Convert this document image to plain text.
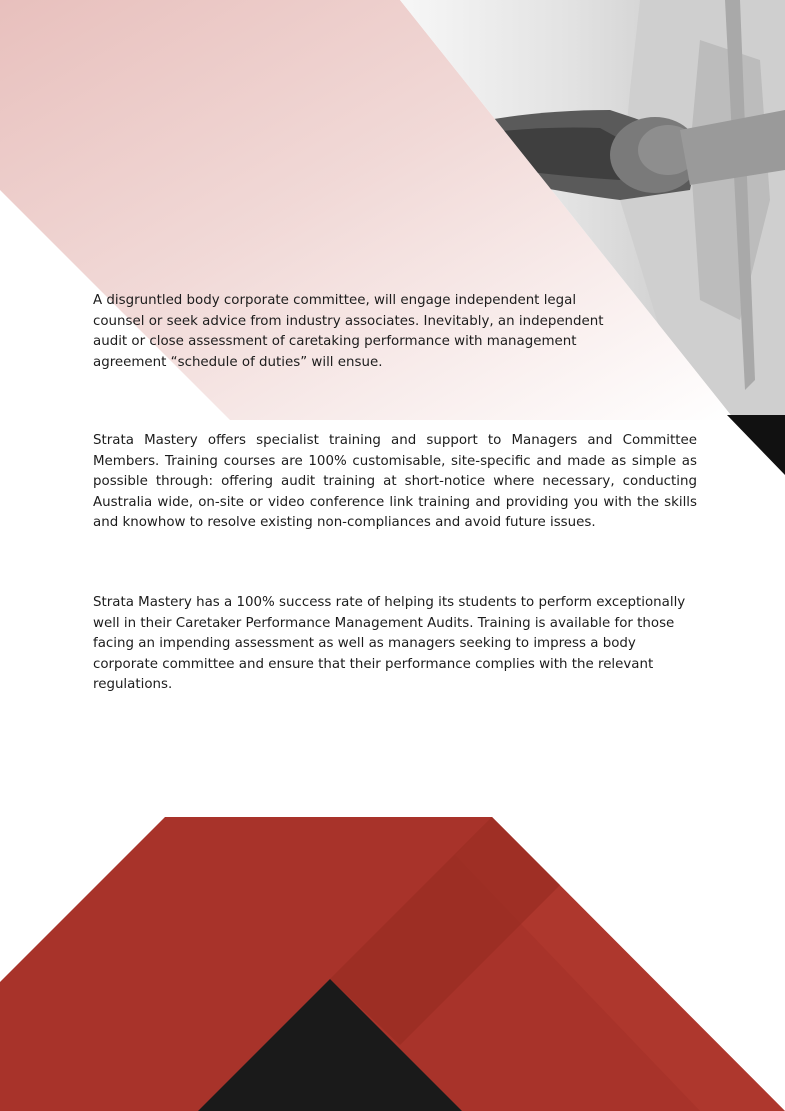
A disgruntled body corporate committee, will engage independent legal counsel or seek advice from industry associates. Inevitably, an independent audit or close assessment of caretaking performance with management agreement “schedule of duties” will ensue.

Strata Mastery offers specialist training and support to Managers and Committee Members. Training courses are 100% customisable, site-specific and made as simple as possible through: offering audit training at short-notice where necessary, conducting Australia wide, on-site or video conference link training and providing you with the skills and knowhow to resolve existing non-compliances and avoid future issues.

Strata Mastery has a 100% success rate of helping its students to perform exceptionally well in their Caretaker Performance Management Audits. Training is available for those facing an impending assessment as well as managers seeking to impress a body corporate committee and ensure that their performance complies with the relevant regulations.
